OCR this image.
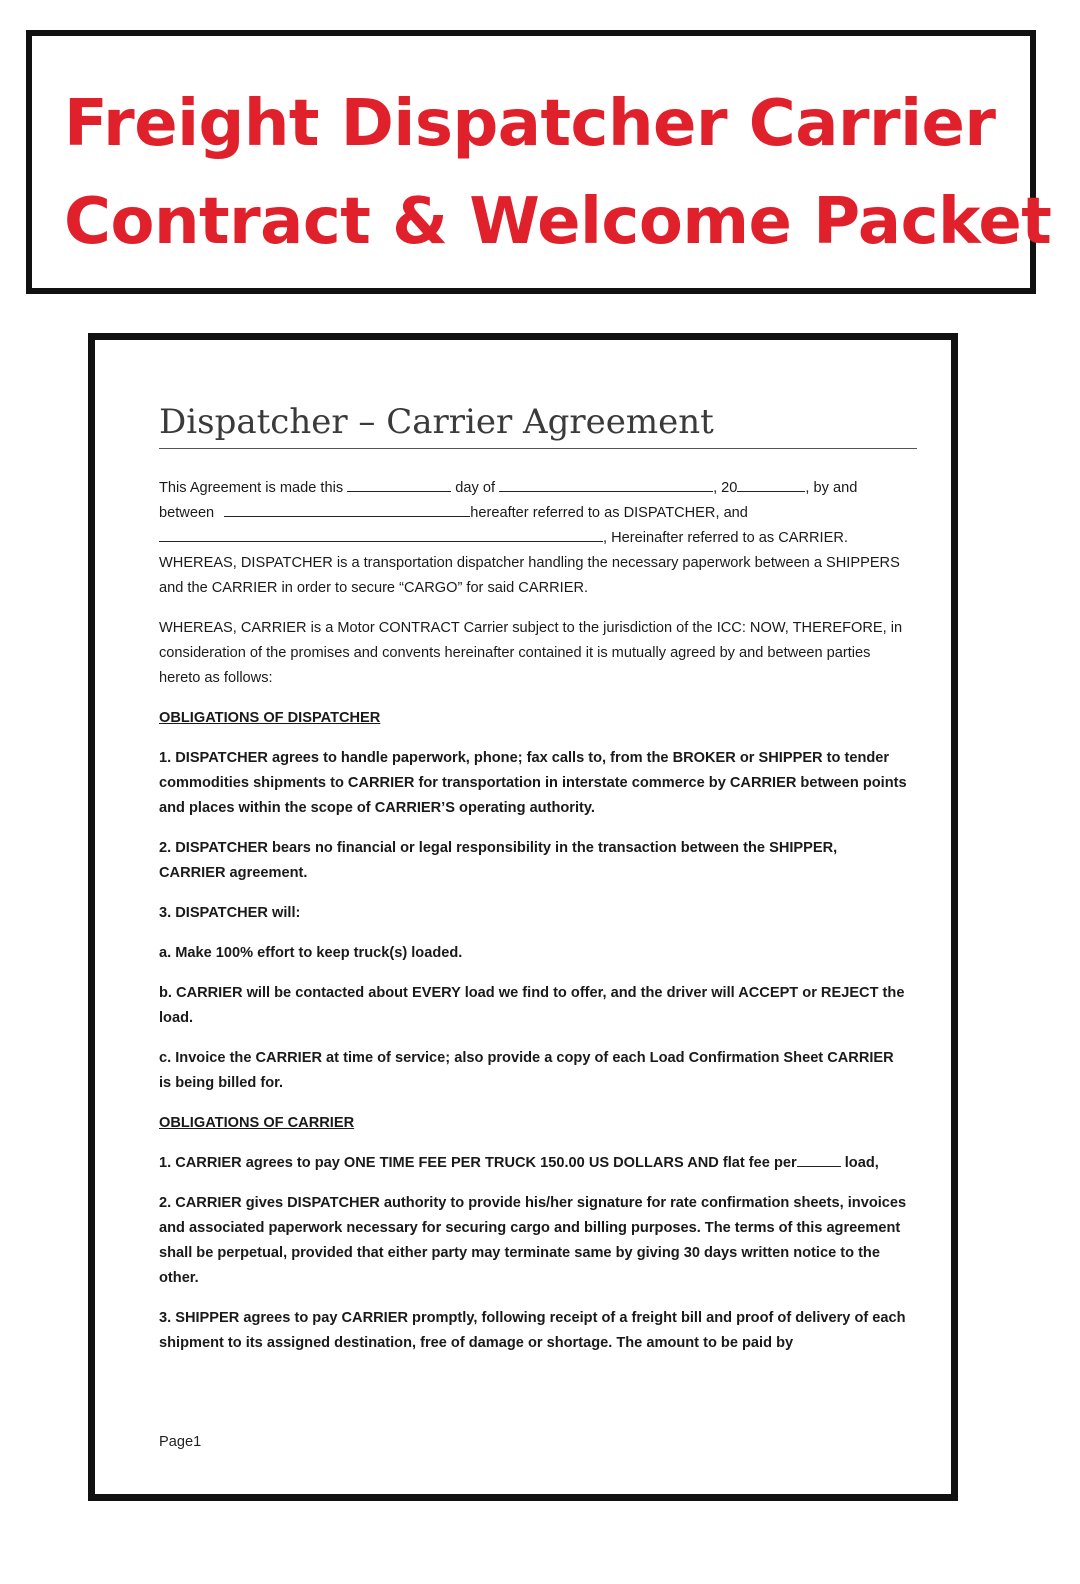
Freight Dispatcher Carrier
Contract & Welcome Packet
Dispatcher – Carrier Agreement

This Agreement is made this	day of	, 20	, by and
between	hereafter referred to as DISPATCHER, and
, Hereinafter referred to as CARRIER.

WHEREAS, DISPATCHER is a transportation dispatcher handling the necessary paperwork between a SHIPPERS and the CARRIER in order to secure “CARGO” for said CARRIER.

WHEREAS, CARRIER is a Motor CONTRACT Carrier subject to the jurisdiction of the ICC: NOW, THEREFORE, in consideration of the promises and convents hereinafter contained it is mutually agreed by and between parties hereto as follows:

OBLIGATIONS OF DISPATCHER

1. DISPATCHER agrees to handle paperwork, phone; fax calls to, from the BROKER or SHIPPER to tender commodities shipments to CARRIER for transportation in interstate commerce by CARRIER between points and places within the scope of CARRIER’S operating authority.

2. DISPATCHER bears no financial or legal responsibility in the transaction between the SHIPPER, CARRIER agreement.

3. DISPATCHER will:

a. Make 100% effort to keep truck(s) loaded.

b. CARRIER will be contacted about EVERY load we find to offer, and the driver will ACCEPT or REJECT the load.

c. Invoice the CARRIER at time of service; also provide a copy of each Load Confirmation Sheet CARRIER is being billed for.

OBLIGATIONS OF CARRIER

1. CARRIER agrees to pay ONE TIME FEE PER TRUCK 150.00 US DOLLARS AND flat fee per	load,

2. CARRIER gives DISPATCHER authority to provide his/her signature for rate confirmation sheets, invoices and associated paperwork necessary for securing cargo and billing purposes. The terms of this agreement shall be perpetual, provided that either party may terminate same by giving 30 days written notice to the other.

3. SHIPPER agrees to pay CARRIER promptly, following receipt of a freight bill and proof of delivery of each shipment to its assigned destination, free of damage or shortage. The amount to be paid by

Page1
